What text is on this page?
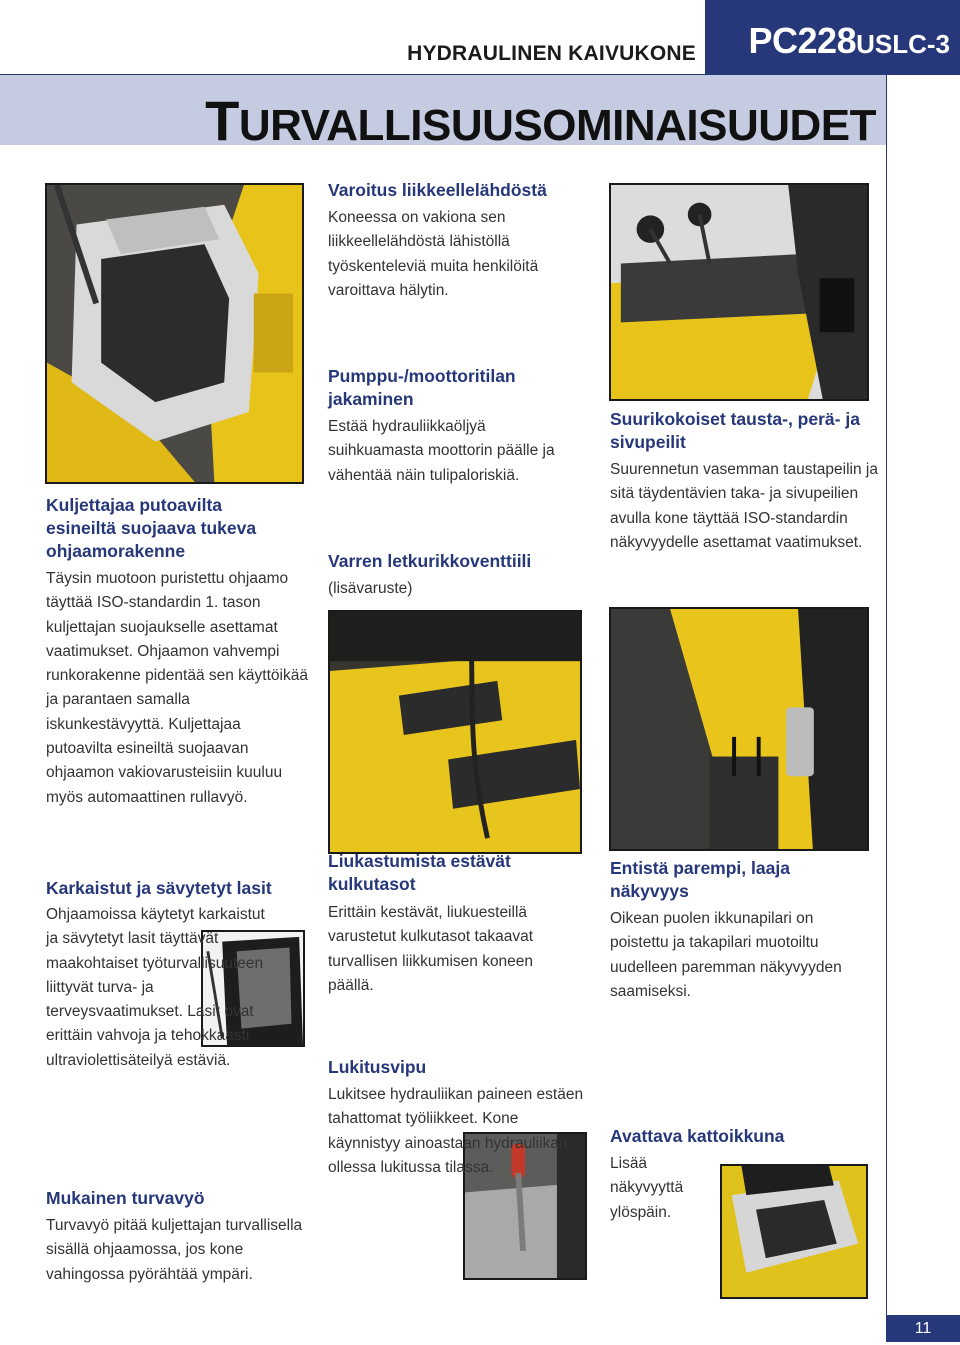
HYDRAULINEN KAIVUKONE	PC228USLC-3
TURVALLISUUSOMINAISUUDET
Kuljettajaa putoavilta esineiltä suojaava tukeva ohjaamorakenne
Täysin muotoon puristettu ohjaamo täyttää ISO-standardin 1. tason kuljettajan suojaukselle asettamat vaatimukset. Ohjaamon vahvempi runkorakenne pidentää sen käyttöikää ja parantaen samalla iskunkestävyyttä. Kuljettajaa putoavilta esineiltä suojaavan ohjaamon vakiovarusteisiin kuuluu myös automaattinen rullavyö.
Karkaistut ja sävytetyt lasit
Ohjaamoissa käytetyt karkaistut ja sävytetyt lasit täyttävät maakohtaiset työturvallisuuteen liittyvät turva- ja terveysvaatimukset. Lasit ovat erittäin vahvoja ja tehokkaasti ultraviolettisäteilyä estäviä.
Mukainen turvavyö
Turvavyö pitää kuljettajan turvallisella sisällä ohjaamossa, jos kone vahingossa pyörähtää ympäri.
Varoitus liikkeellelähdöstä
Koneessa on vakiona sen liikkeellelähdöstä lähistöllä työskenteleviä muita henkilöitä varoittava hälytin.
Pumppu-/moottoritilan jakaminen
Estää hydrauliikkaöljyä suihkuamasta moottorin päälle ja vähentää näin tulipaloriskiä.
Varren letkurikkoventtiili
(lisävaruste)
Liukastumista estävät kulkutasot
Erittäin kestävät, liukuesteillä varustetut kulkutasot takaavat turvallisen liikkumisen koneen päällä.
Lukitusvipu
Lukitsee hydrauliikan paineen estäen tahattomat työliikkeet. Kone käynnistyy ainoastaan hydrauliikan ollessa lukitussa tilassa.
Suurikokoiset tausta-, perä- ja sivupeilit
Suurennetun vasemman taustapeilin ja sitä täydentävien taka- ja sivupeilien avulla kone täyttää ISO-standardin näkyvyydelle asettamat vaatimukset.
Entistä parempi, laaja näkyvyys
Oikean puolen ikkunapilari on poistettu ja takapilari muotoiltu uudelleen paremman näkyvyyden saamiseksi.
Avattava kattoikkuna
Lisää näkyvyyttä ylöspäin.
11
